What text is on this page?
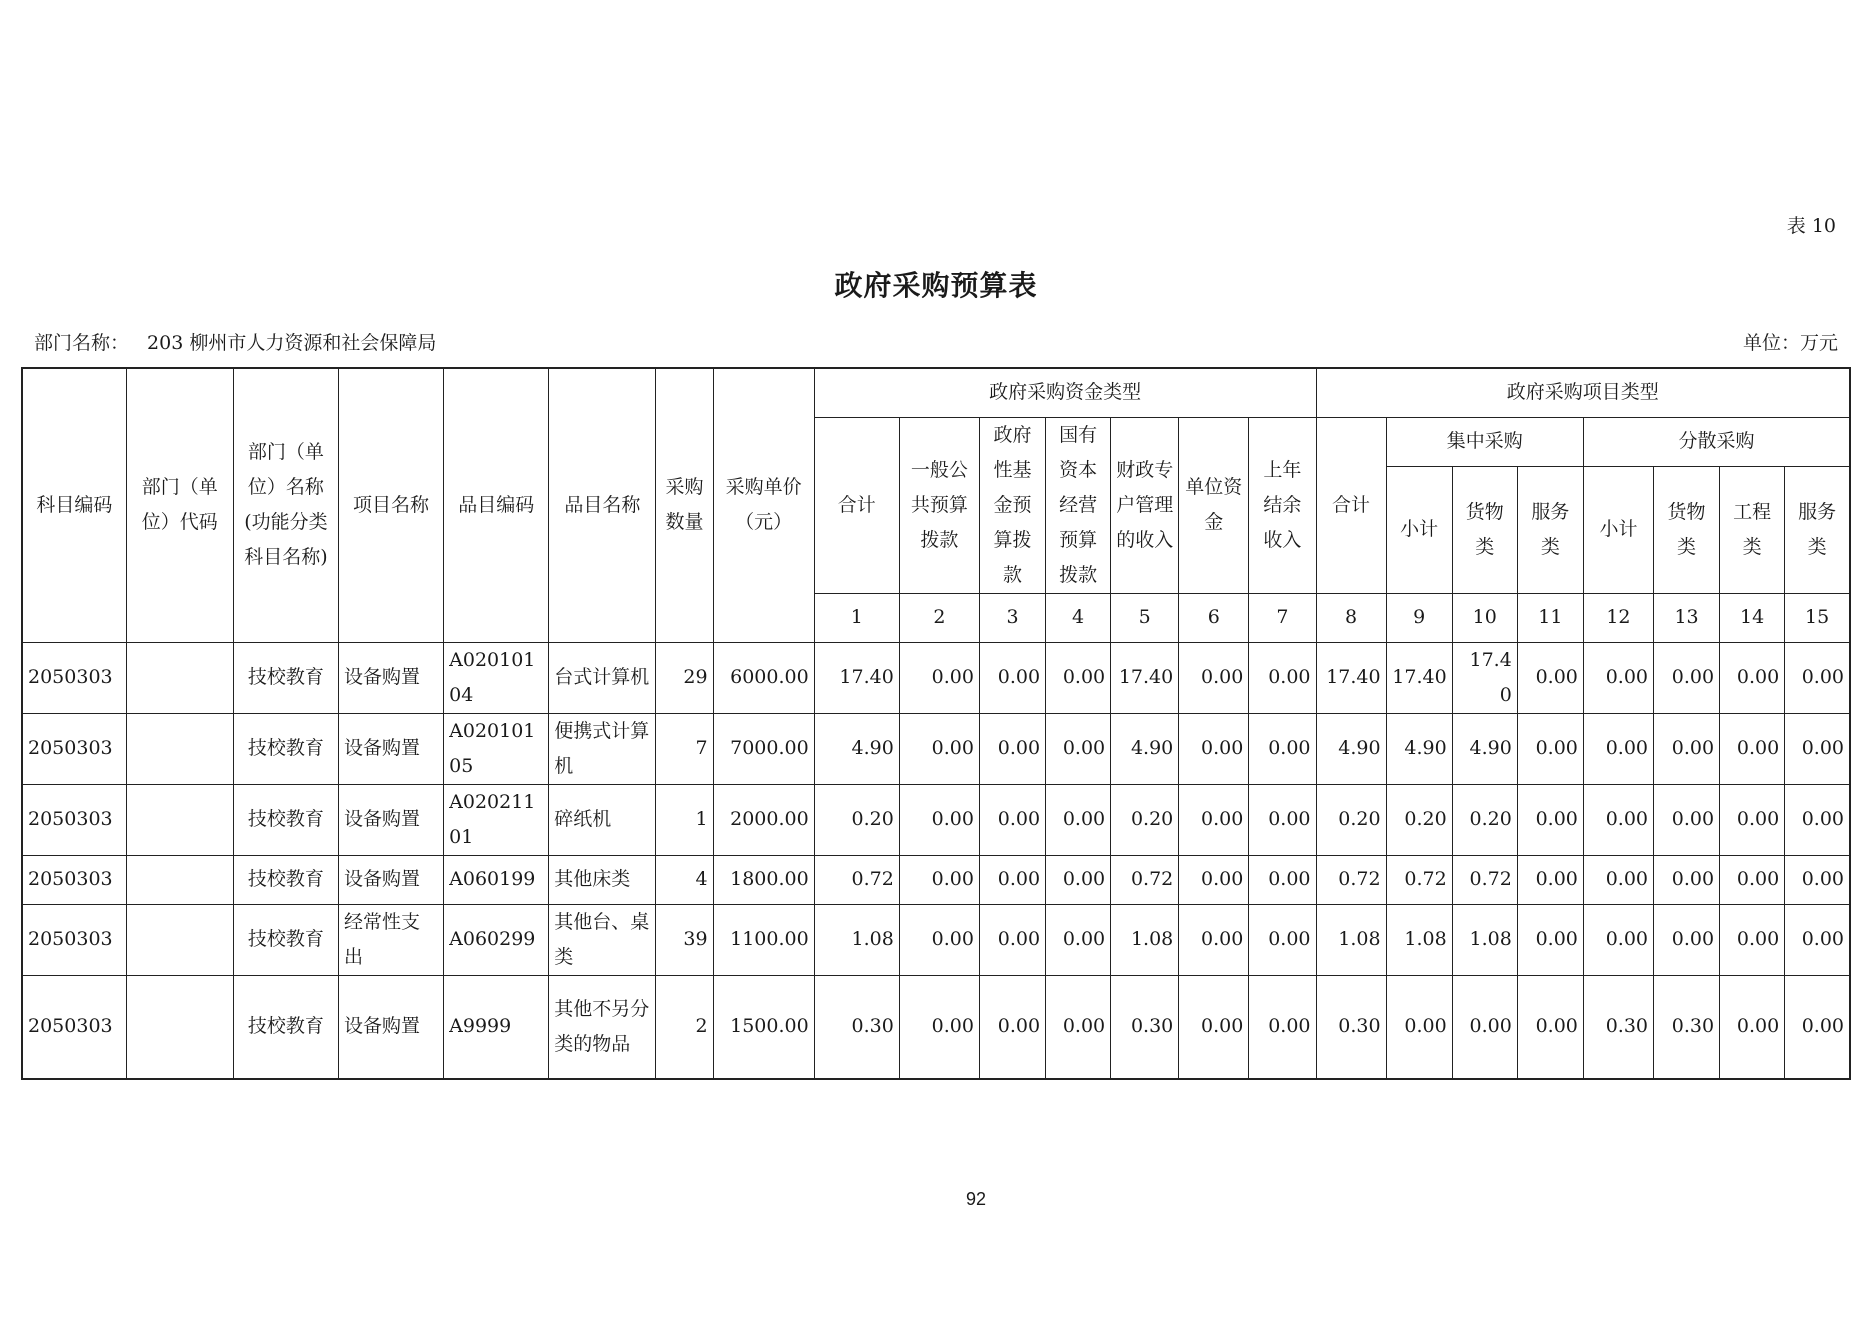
表 10
政府采购预算表
部门名称： 203 柳州市人力资源和社会保障局	单位：万元
科目编码	部门（单位）代码	部门（单位）名称(功能分类科目名称)	项目名称	品目编码	品目名称	采购数量	采购单价（元）	政府采购资金类型							政府采购项目类型							
								合计	一般公共预算拨款	政府性基金预算拨款	国有资本经营预算拨款	财政专户管理的收入	单位资金	上年结余收入	合计	集中采购			分散采购			
																小计	货物类	服务类	小计	货物类	工程类	服务类
								1	2	3	4	5	6	7	8	9	10	11	12	13	14	15
2050303		技校教育	设备购置	A02010104	台式计算机	29	6000.00	17.40	0.00	0.00	0.00	17.40	0.00	0.00	17.40	17.40	17.40	0.00	0.00	0.00	0.00	0.00
2050303		技校教育	设备购置	A02010105	便携式计算机	7	7000.00	4.90	0.00	0.00	0.00	4.90	0.00	0.00	4.90	4.90	4.90	0.00	0.00	0.00	0.00	0.00
2050303		技校教育	设备购置	A02021101	碎纸机	1	2000.00	0.20	0.00	0.00	0.00	0.20	0.00	0.00	0.20	0.20	0.20	0.00	0.00	0.00	0.00	0.00
2050303		技校教育	设备购置	A060199	其他床类	4	1800.00	0.72	0.00	0.00	0.00	0.72	0.00	0.00	0.72	0.72	0.72	0.00	0.00	0.00	0.00	0.00
2050303		技校教育	经常性支出	A060299	其他台、桌类	39	1100.00	1.08	0.00	0.00	0.00	1.08	0.00	0.00	1.08	1.08	1.08	0.00	0.00	0.00	0.00	0.00
2050303		技校教育	设备购置	A9999	其他不另分类的物品	2	1500.00	0.30	0.00	0.00	0.00	0.30	0.00	0.00	0.30	0.00	0.00	0.00	0.30	0.30	0.00	0.00
92
